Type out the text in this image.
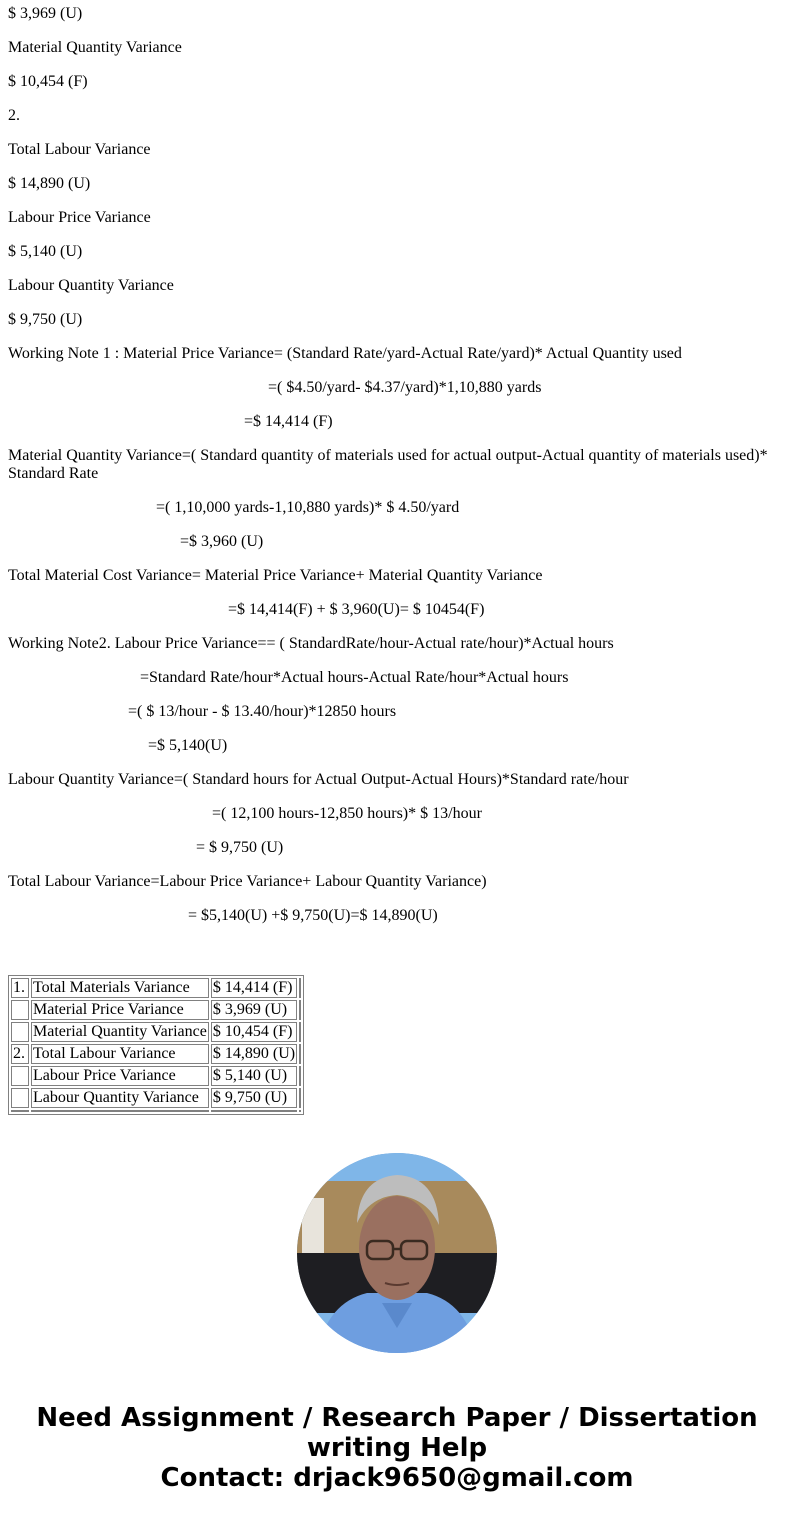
$ 3,969 (U)
Material Quantity Variance
$ 10,454 (F)
2.
Total Labour Variance
$ 14,890 (U)
Labour Price Variance
$ 5,140 (U)
Labour Quantity Variance
$ 9,750 (U)
Working Note 1 : Material Price Variance= (Standard Rate/yard-Actual Rate/yard)* Actual Quantity used
=( $4.50/yard- $4.37/yard)*1,10,880 yards
=$ 14,414 (F)

Material Quantity Variance=( Standard quantity of materials used for actual output-Actual quantity of materials used)* Standard Rate

=( 1,10,000 yards-1,10,880 yards)* $ 4.50/yard
=$ 3,960 (U)
Total Material Cost Variance= Material Price Variance+ Material Quantity Variance
=$ 14,414(F) + $ 3,960(U)= $ 10454(F)
Working Note2. Labour Price Variance== ( StandardRate/hour-Actual rate/hour)*Actual hours
=Standard Rate/hour*Actual hours-Actual Rate/hour*Actual hours
=( $ 13/hour - $ 13.40/hour)*12850 hours
=$ 5,140(U)
Labour Quantity Variance=( Standard hours for Actual Output-Actual Hours)*Standard rate/hour
=( 12,100 hours-12,850 hours)* $ 13/hour
= $ 9,750 (U)
Total Labour Variance=Labour Price Variance+ Labour Quantity Variance)
= $5,140(U) +$ 9,750(U)=$ 14,890(U)
1.	Total Materials Variance	$ 14,414 (F)	
	Material Price Variance	$ 3,969 (U)	
	Material Quantity Variance	$ 10,454 (F)	
2.	Total Labour Variance	$ 14,890 (U)	
	Labour Price Variance	$ 5,140 (U)	
	Labour Quantity Variance	$ 9,750 (U)	

Need Assignment / Research Paper / Dissertation
writing Help
Contact: drjack9650@gmail.com
